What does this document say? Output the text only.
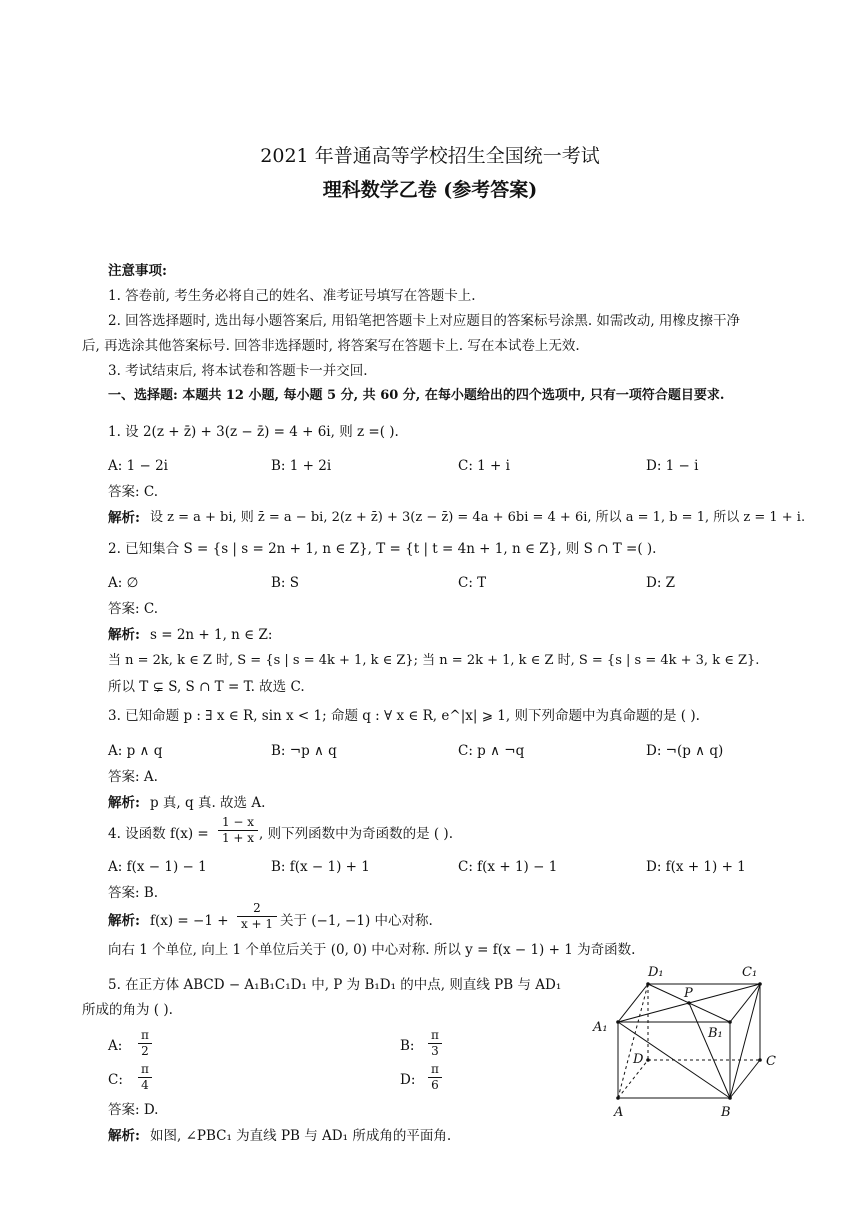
2021 年普通高等学校招生全国统一考试
理科数学乙卷 (参考答案)
注意事项:
1. 答卷前, 考生务必将自己的姓名、准考证号填写在答题卡上.
2. 回答选择题时, 选出每小题答案后, 用铅笔把答题卡上对应题目的答案标号涂黑. 如需改动, 用橡皮擦干净
后, 再选涂其他答案标号. 回答非选择题时, 将答案写在答题卡上. 写在本试卷上无效.
3. 考试结束后, 将本试卷和答题卡一并交回.
一、选择题: 本题共 12 小题, 每小题 5 分, 共 60 分, 在每小题给出的四个选项中, 只有一项符合题目要求.
1. 设 2(z + z̄) + 3(z − z̄) = 4 + 6i, 则 z =( ).
A: 1 − 2i	B: 1 + 2i	C: 1 + i	D: 1 − i
答案: C.
解析: 设 z = a + bi, 则 z̄ = a − bi, 2(z + z̄) + 3(z − z̄) = 4a + 6bi = 4 + 6i, 所以 a = 1, b = 1, 所以 z = 1 + i.
2. 已知集合 S = {s | s = 2n + 1, n ∈ Z}, T = {t | t = 4n + 1, n ∈ Z}, 则 S ∩ T =( ).
A: ∅	B: S	C: T	D: Z
答案: C.
解析: s = 2n + 1, n ∈ Z:
当 n = 2k, k ∈ Z 时, S = {s | s = 4k + 1, k ∈ Z}; 当 n = 2k + 1, k ∈ Z 时, S = {s | s = 4k + 3, k ∈ Z}.
所以 T ⊊ S, S ∩ T = T. 故选 C.
3. 已知命题 p : ∃ x ∈ R, sin x < 1; 命题 q : ∀ x ∈ R, e^|x| ⩾ 1, 则下列命题中为真命题的是 ( ).
A: p ∧ q	B: ¬p ∧ q	C: p ∧ ¬q	D: ¬(p ∧ q)
答案: A.
解析: p 真, q 真. 故选 A.
4. 设函数 f(x) =
1 − x
1 + x , 则下列函数中为奇函数的是 ( ).
A: f(x − 1) − 1	B: f(x − 1) + 1	C: f(x + 1) − 1	D: f(x + 1) + 1
答案: B.
解析: f(x) = −1 +
2
x + 1 关于 (−1, −1) 中心对称.
向右 1 个单位, 向上 1 个单位后关于 (0, 0) 中心对称. 所以 y = f(x − 1) + 1 为奇函数.
5. 在正方体 ABCD − A₁B₁C₁D₁ 中, P 为 B₁D₁ 的中点, 则直线 PB 与 AD₁
所成的角为 ( ).
A:
π
2	B:
π
3
C:
π
4	D:
π
6
答案: D.
解析: 如图, ∠PBC₁ 为直线 PB 与 AD₁ 所成角的平面角.
D₁	C₁
P
A₁	B₁
D	C
A	B
